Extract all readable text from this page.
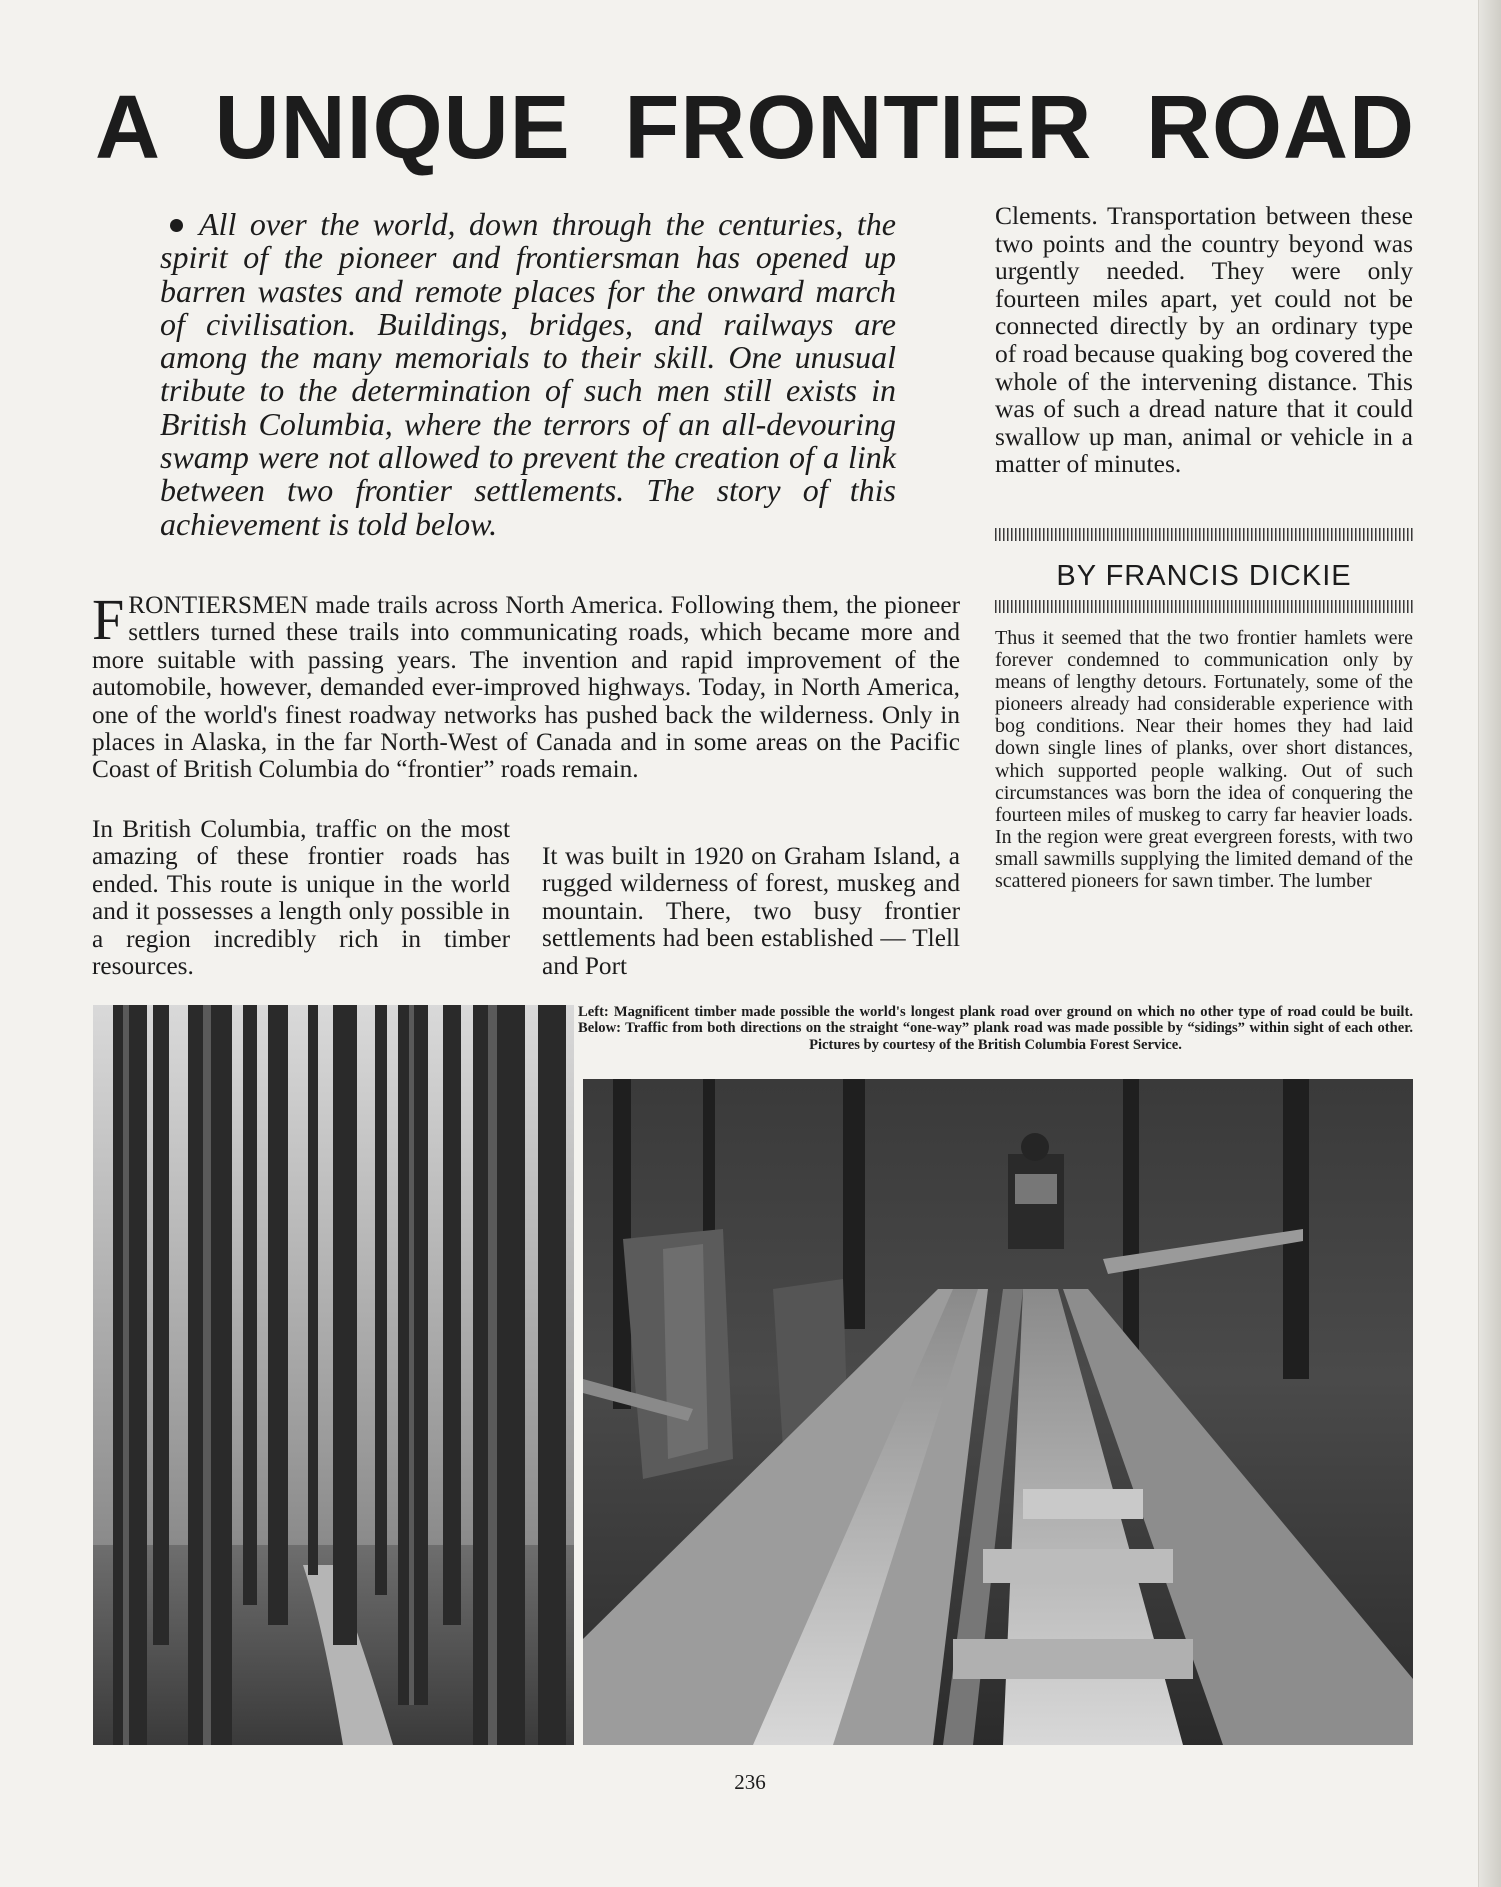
A UNIQUE FRONTIER ROAD

All over the world, down through the centuries, the spirit of the pioneer and frontiersman has opened up barren wastes and remote places for the onward march of civilisation. Buildings, bridges, and railways are among the many memorials to their skill. One unusual tribute to the determination of such men still exists in British Columbia, where the terrors of an all-devouring swamp were not allowed to prevent the creation of a link between two frontier settlements. The story of this achievement is told below.

Clements. Transportation between these two points and the country beyond was urgently needed. They were only fourteen miles apart, yet could not be connected directly by an ordinary type of road because quaking bog covered the whole of the intervening distance. This was of such a dread nature that it could swallow up man, animal or vehicle in a matter of minutes.

BY FRANCIS DICKIE

FRONTIERSMEN made trails across North America. Following them, the pioneer settlers turned these trails into communicating roads, which became more and more suitable with passing years. The invention and rapid improvement of the automobile, however, demanded ever-improved highways. Today, in North America, one of the world's finest roadway networks has pushed back the wilderness. Only in places in Alaska, in the far North-West of Canada and in some areas on the Pacific Coast of British Columbia do “frontier” roads remain.

In British Columbia, traffic on the most amazing of these frontier roads has ended. This route is unique in the world and it possesses a length only possible in a region incredibly rich in timber resources.

It was built in 1920 on Graham Island, a rugged wilderness of forest, muskeg and mountain. There, two busy frontier settlements had been established — Tlell and Port

Thus it seemed that the two frontier hamlets were forever condemned to communication only by means of lengthy detours. Fortunately, some of the pioneers already had considerable experience with bog conditions. Near their homes they had laid down single lines of planks, over short distances, which supported people walking. Out of such circumstances was born the idea of conquering the fourteen miles of muskeg to carry far heavier loads. In the region were great evergreen forests, with two small sawmills supplying the limited demand of the scattered pioneers for sawn timber. The lumber

Left: Magnificent timber made possible the world's longest plank road over ground on which no other type of road could be built. Below: Traffic from both directions on the straight “one-way” plank road was made possible by “sidings” within sight of each other. Pictures by courtesy of the British Columbia Forest Service.

236
